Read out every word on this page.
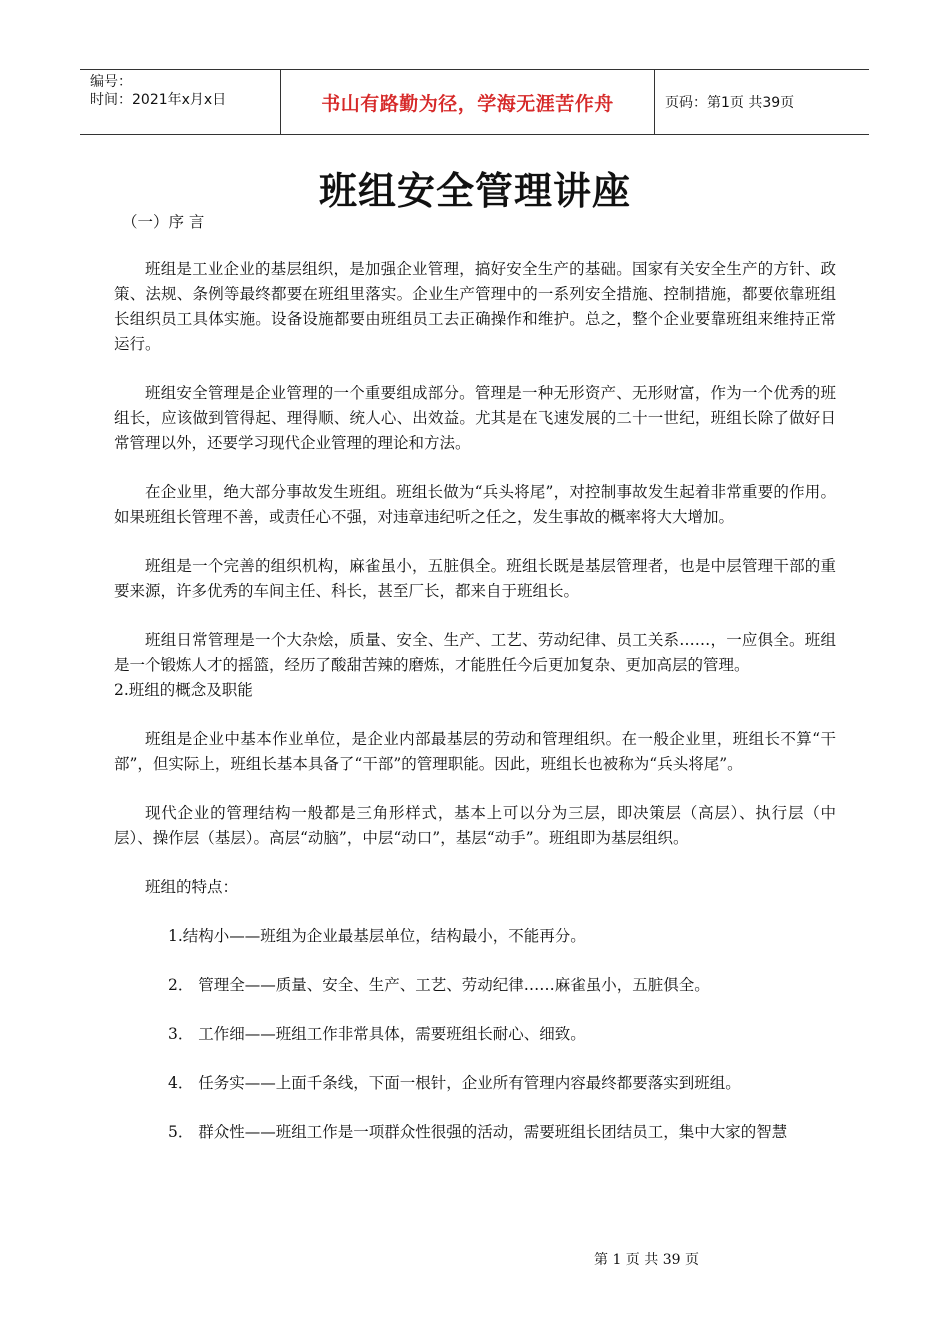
编号：
时间：2021年x月x日	书山有路勤为径，学海无涯苦作舟	页码：第1页 共39页
班组安全管理讲座

（一）序 言

班组是工业企业的基层组织，是加强企业管理，搞好安全生产的基础。国家有关安全生产的方针、政策、法规、条例等最终都要在班组里落实。企业生产管理中的一系列安全措施、控制措施，都要依靠班组长组织员工具体实施。设备设施都要由班组员工去正确操作和维护。总之，整个企业要靠班组来维持正常运行。

班组安全管理是企业管理的一个重要组成部分。管理是一种无形资产、无形财富，作为一个优秀的班组长，应该做到管得起、理得顺、统人心、出效益。尤其是在飞速发展的二十一世纪，班组长除了做好日常管理以外，还要学习现代企业管理的理论和方法。

在企业里，绝大部分事故发生班组。班组长做为“兵头将尾”，对控制事故发生起着非常重要的作用。如果班组长管理不善，或责任心不强，对违章违纪听之任之，发生事故的概率将大大增加。

班组是一个完善的组织机构，麻雀虽小，五脏俱全。班组长既是基层管理者，也是中层管理干部的重要来源，许多优秀的车间主任、科长，甚至厂长，都来自于班组长。

班组日常管理是一个大杂烩，质量、安全、生产、工艺、劳动纪律、员工关系……，一应俱全。班组是一个锻炼人才的摇篮，经历了酸甜苦辣的磨炼，才能胜任今后更加复杂、更加高层的管理。

2.班组的概念及职能

班组是企业中基本作业单位，是企业内部最基层的劳动和管理组织。在一般企业里，班组长不算“干部”，但实际上，班组长基本具备了“干部”的管理职能。因此，班组长也被称为“兵头将尾”。

现代企业的管理结构一般都是三角形样式，基本上可以分为三层，即决策层（高层）、执行层（中层）、操作层（基层）。高层“动脑”，中层“动口”，基层“动手”。班组即为基层组织。

班组的特点：

1.结构小——班组为企业最基层单位，结构最小，不能再分。

2． 管理全——质量、安全、生产、工艺、劳动纪律……麻雀虽小，五脏俱全。

3． 工作细——班组工作非常具体，需要班组长耐心、细致。

4． 任务实——上面千条线，下面一根针，企业所有管理内容最终都要落实到班组。

5． 群众性——班组工作是一项群众性很强的活动，需要班组长团结员工，集中大家的智慧

第 1 页 共 39 页
